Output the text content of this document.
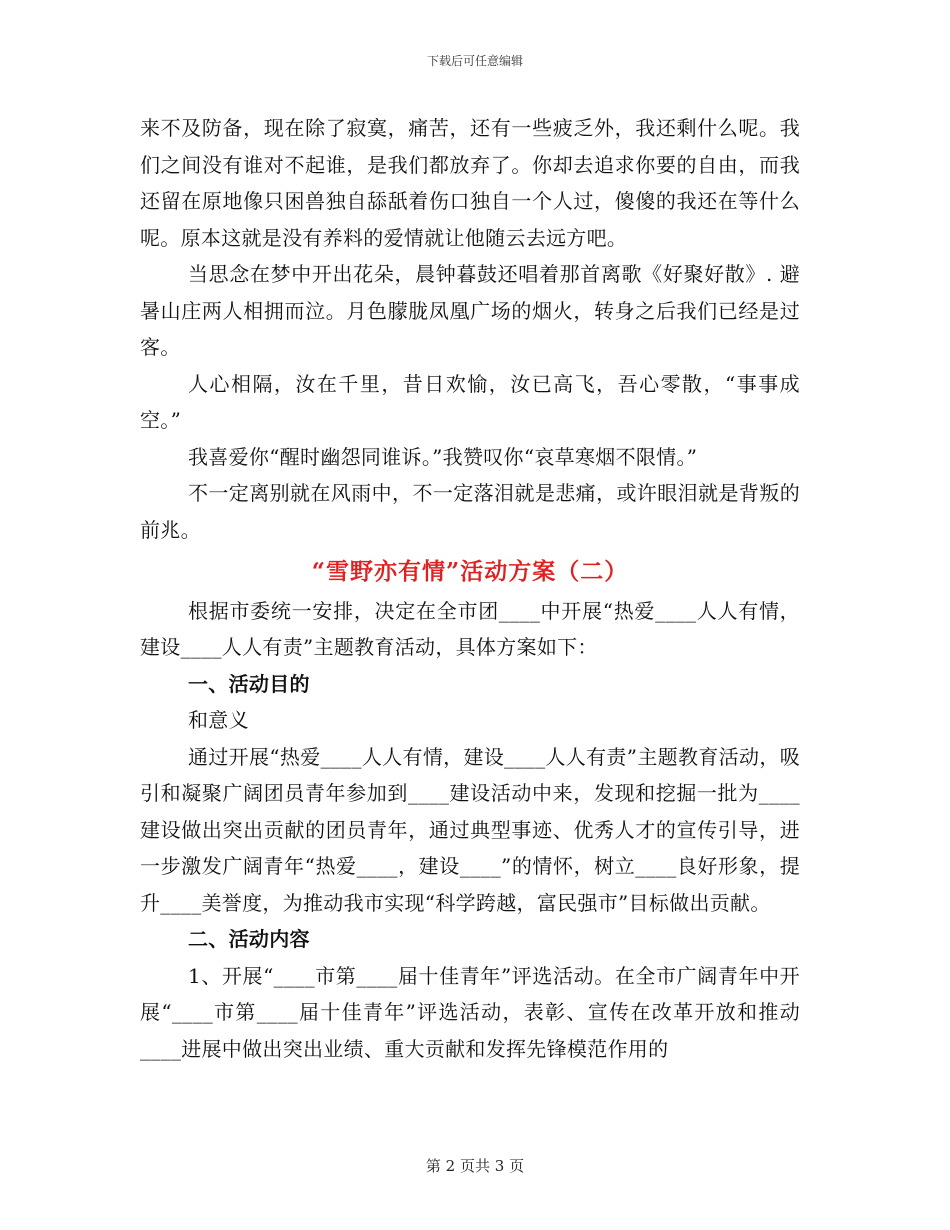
下载后可任意编辑

来不及防备，现在除了寂寞，痛苦，还有一些疲乏外，我还剩什么呢。我们之间没有谁对不起谁，是我们都放弃了。你却去追求你要的自由，而我还留在原地像只困兽独自舔舐着伤口独自一个人过，傻傻的我还在等什么呢。原本这就是没有养料的爱情就让他随云去远方吧。

当思念在梦中开出花朵，晨钟暮鼓还唱着那首离歌《好聚好散》. 避暑山庄两人相拥而泣。月色朦胧凤凰广场的烟火，转身之后我们已经是过客。

人心相隔，汝在千里，昔日欢愉，汝已高飞，吾心零散，“事事成空。”

我喜爱你“醒时幽怨同谁诉。”我赞叹你“哀草寒烟不限情。”

不一定离别就在风雨中，不一定落泪就是悲痛，或许眼泪就是背叛的前兆。

“雪野亦有情”活动方案（二）

根据市委统一安排，决定在全市团____中开展“热爱____人人有情，建设____人人有责”主题教育活动，具体方案如下：

一、活动目的

和意义

通过开展“热爱____人人有情，建设____人人有责”主题教育活动，吸引和凝聚广阔团员青年参加到____建设活动中来，发现和挖掘一批为____建设做出突出贡献的团员青年，通过典型事迹、优秀人才的宣传引导，进一步激发广阔青年“热爱____，建设____”的情怀，树立____良好形象，提升____美誉度，为推动我市实现“科学跨越，富民强市”目标做出贡献。

二、活动内容

1、开展“____市第____届十佳青年”评选活动。在全市广阔青年中开展“____市第____届十佳青年”评选活动，表彰、宣传在改革开放和推动____进展中做出突出业绩、重大贡献和发挥先锋模范作用的

第 2 页共 3 页
